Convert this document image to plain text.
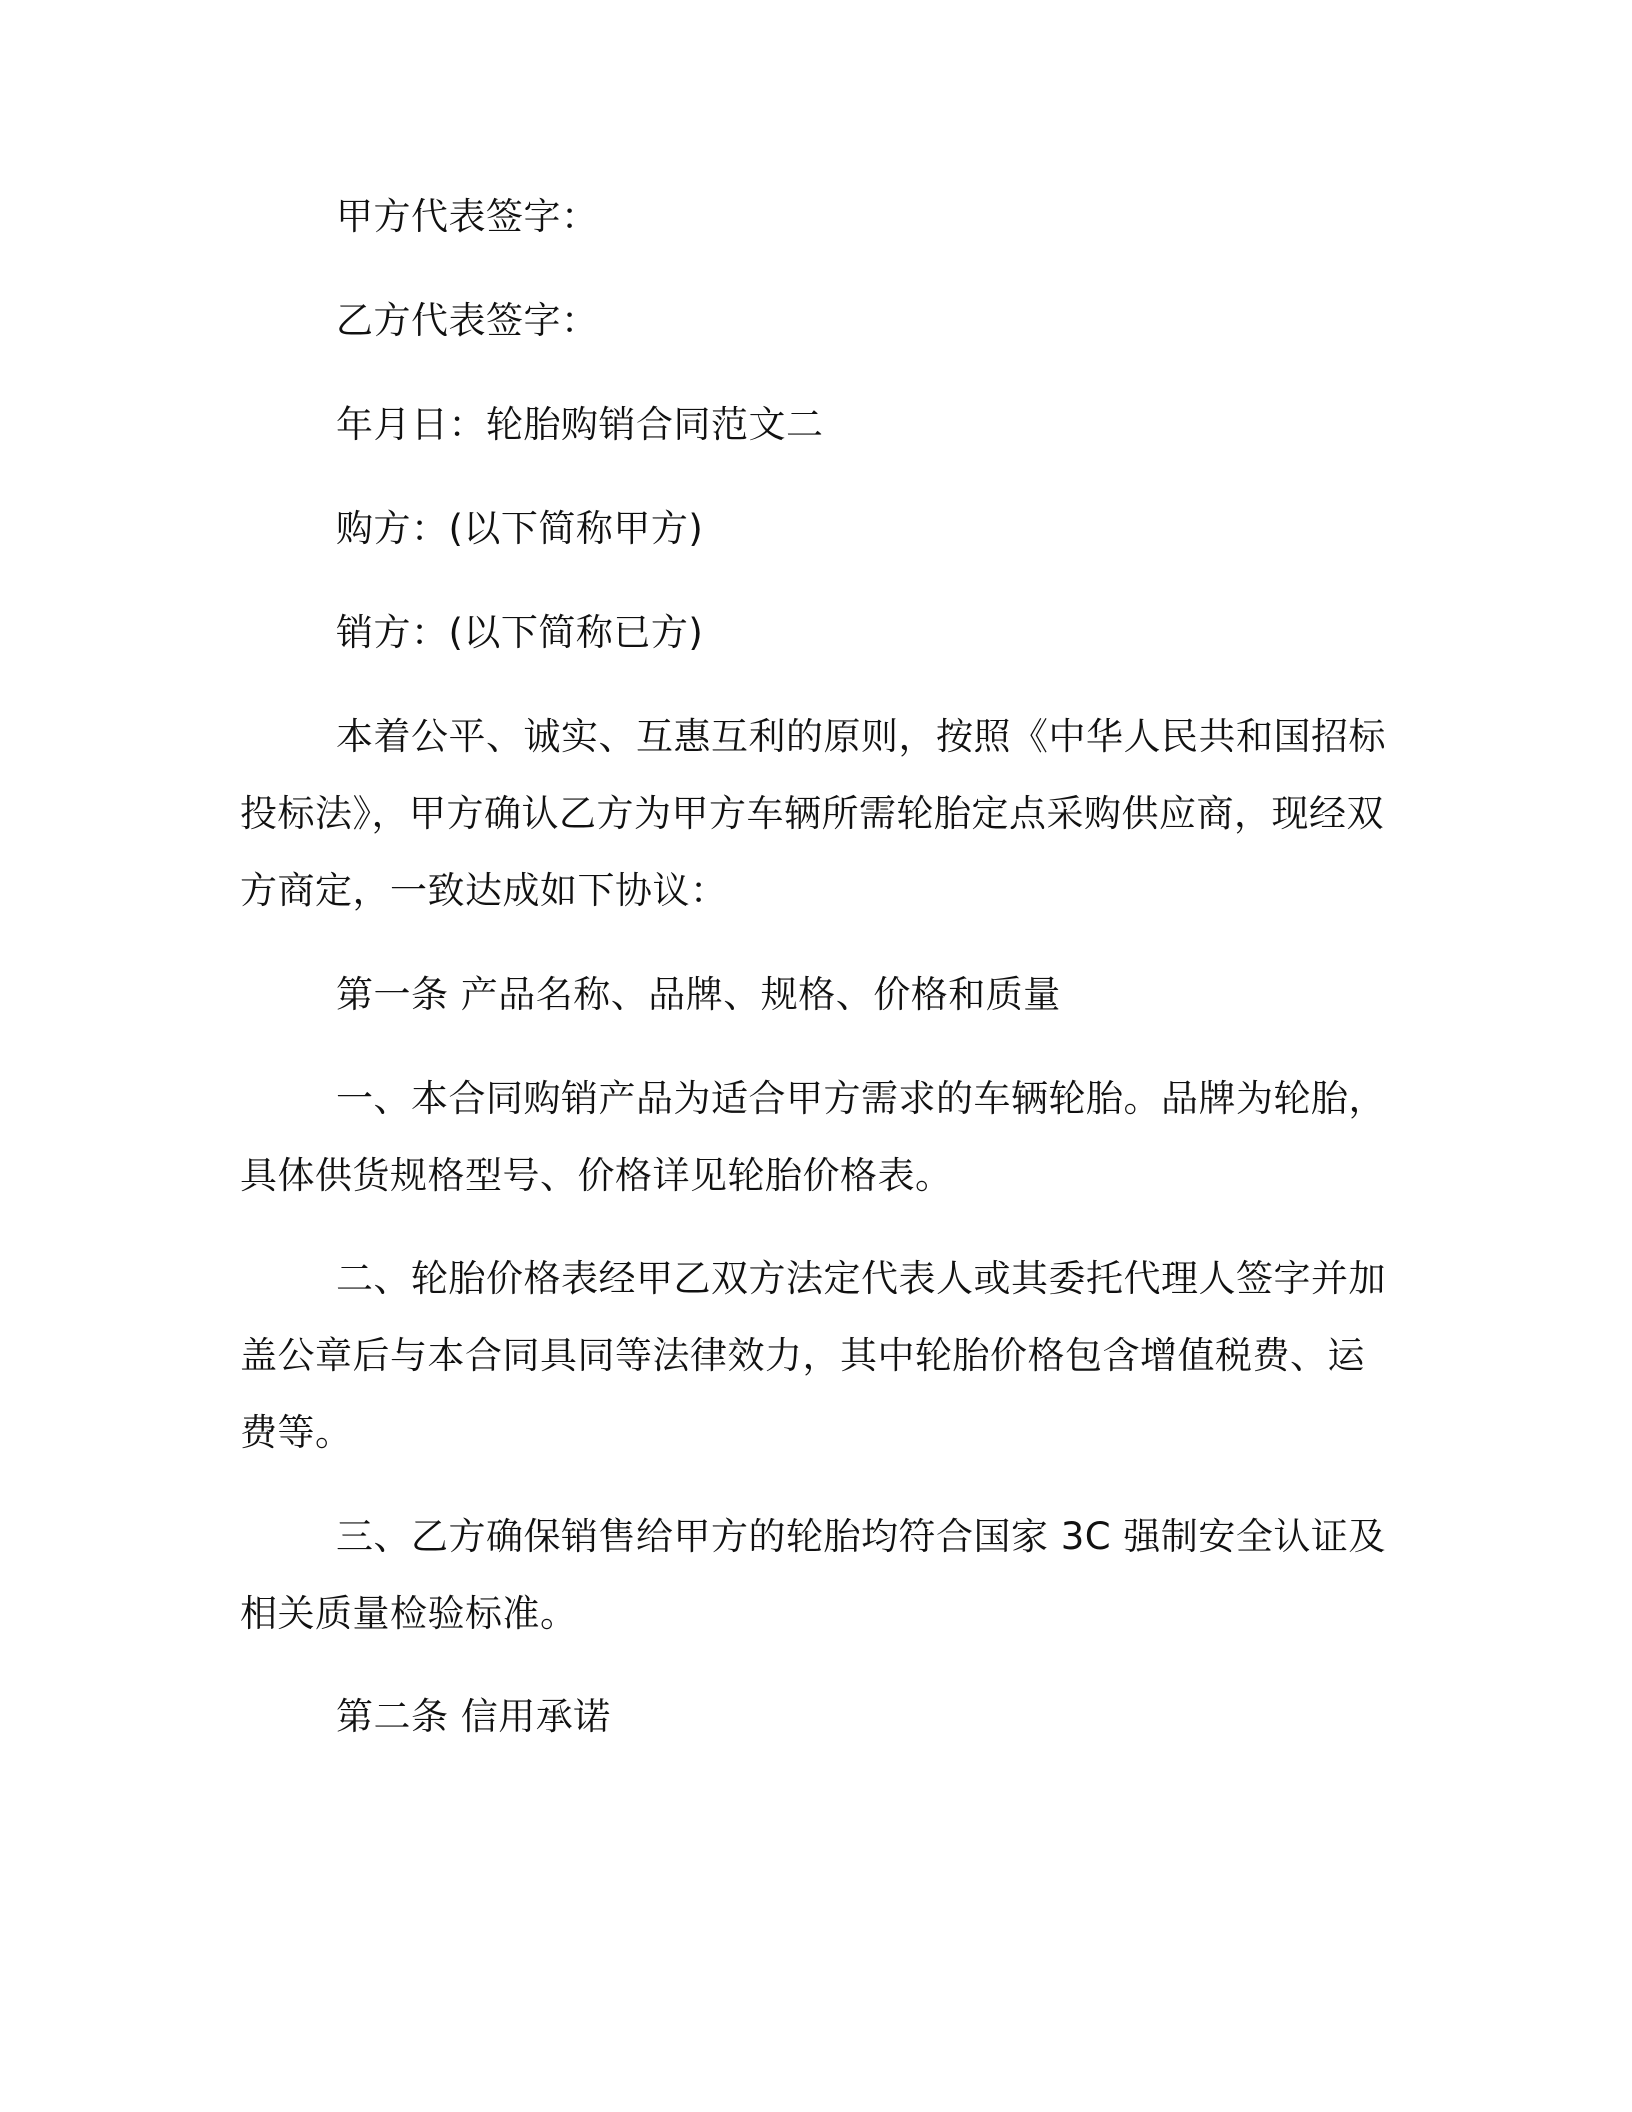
甲方代表签字：

乙方代表签字：

年月日：轮胎购销合同范文二

购方：(以下简称甲方)

销方：(以下简称已方)

本着公平、诚实、互惠互利的原则，按照《中华人民共和国招标投标法》，甲方确认乙方为甲方车辆所需轮胎定点采购供应商，现经双方商定，一致达成如下协议：

第一条 产品名称、品牌、规格、价格和质量

一、本合同购销产品为适合甲方需求的车辆轮胎。品牌为轮胎，具体供货规格型号、价格详见轮胎价格表。

二、轮胎价格表经甲乙双方法定代表人或其委托代理人签字并加盖公章后与本合同具同等法律效力，其中轮胎价格包含增值税费、运费等。

三、乙方确保销售给甲方的轮胎均符合国家 3C 强制安全认证及相关质量检验标准。

第二条 信用承诺
